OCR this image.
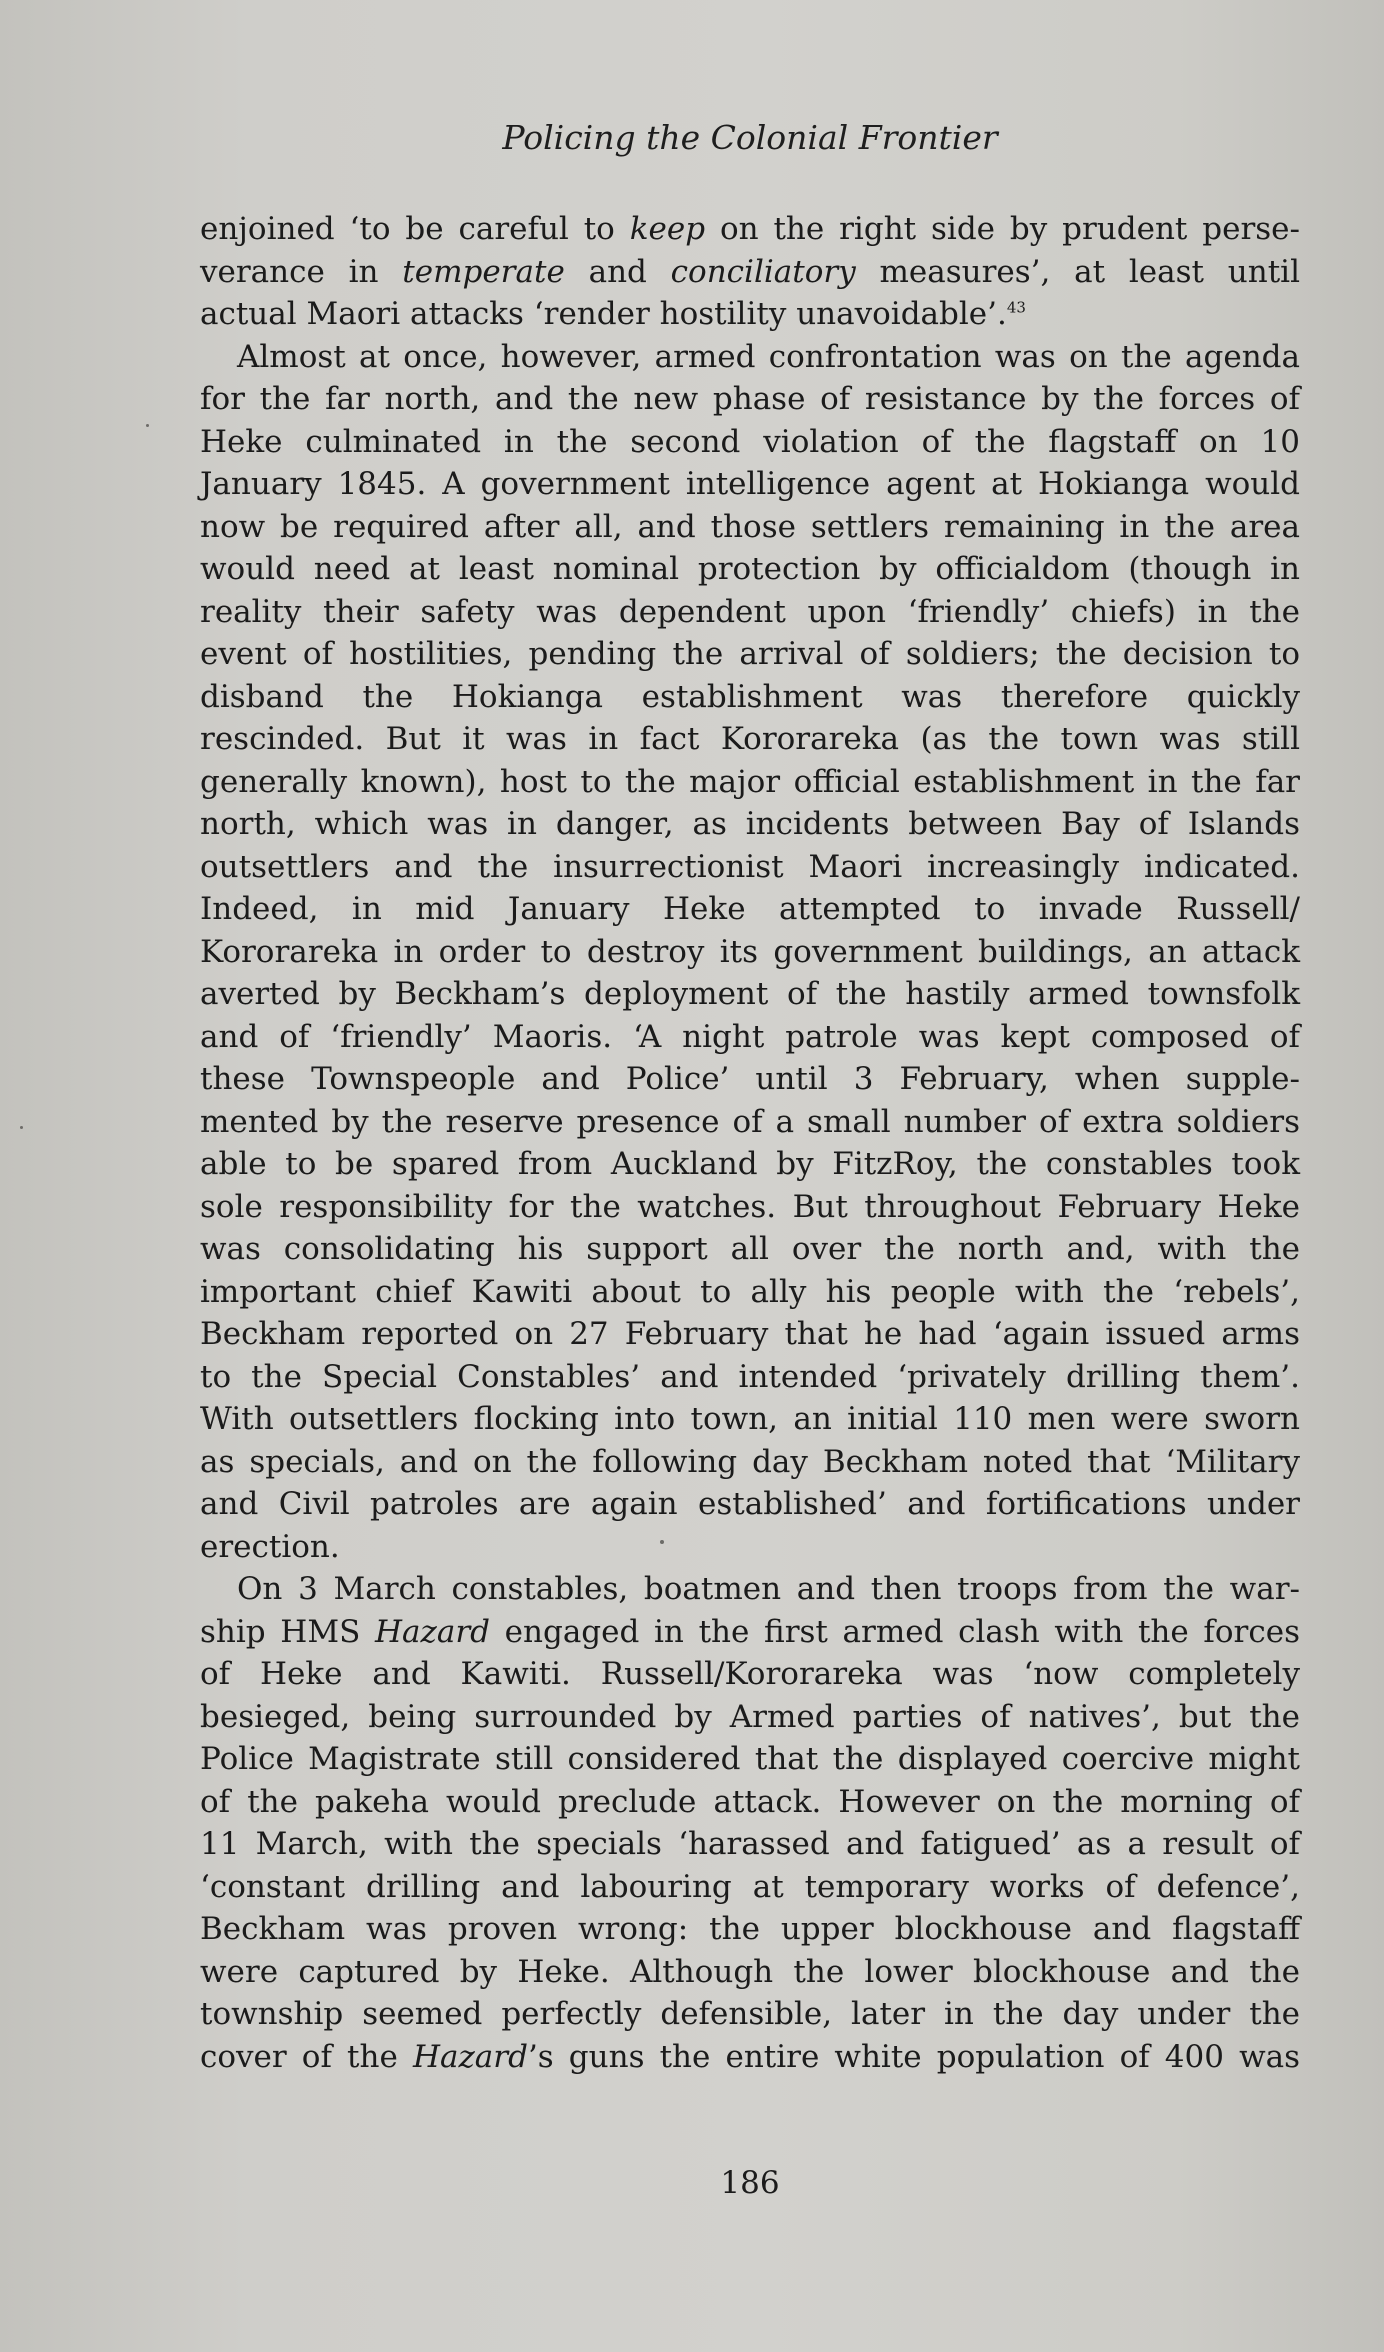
Policing the Colonial Frontier

enjoined ‘to be careful to keep on the right side by prudent perse-
verance in temperate and conciliatory measures’, at least until
actual Maori attacks ‘render hostility unavoidable’.$^{43}$

Almost at once, however, armed confrontation was on the agenda
for the far north, and the new phase of resistance by the forces of
Heke culminated in the second violation of the flagstaff on 10
January 1845. A government intelligence agent at Hokianga would
now be required after all, and those settlers remaining in the area
would need at least nominal protection by officialdom (though in
reality their safety was dependent upon ‘friendly’ chiefs) in the
event of hostilities, pending the arrival of soldiers; the decision to
disband the Hokianga establishment was therefore quickly
rescinded. But it was in fact Kororareka (as the town was still
generally known), host to the major official establishment in the far
north, which was in danger, as incidents between Bay of Islands
outsettlers and the insurrectionist Maori increasingly indicated.
Indeed, in mid January Heke attempted to invade Russell/
Kororareka in order to destroy its government buildings, an attack
averted by Beckham’s deployment of the hastily armed townsfolk
and of ‘friendly’ Maoris. ‘A night patrole was kept composed of
these Townspeople and Police’ until 3 February, when supple-
mented by the reserve presence of a small number of extra soldiers
able to be spared from Auckland by FitzRoy, the constables took
sole responsibility for the watches. But throughout February Heke
was consolidating his support all over the north and, with the
important chief Kawiti about to ally his people with the ‘rebels’,
Beckham reported on 27 February that he had ‘again issued arms
to the Special Constables’ and intended ‘privately drilling them’.
With outsettlers flocking into town, an initial 110 men were sworn
as specials, and on the following day Beckham noted that ‘Military
and Civil patroles are again established’ and fortifications under
erection.

On 3 March constables, boatmen and then troops from the war-
ship HMS Hazard engaged in the first armed clash with the forces
of Heke and Kawiti. Russell/Kororareka was ‘now completely
besieged, being surrounded by Armed parties of natives’, but the
Police Magistrate still considered that the displayed coercive might
of the pakeha would preclude attack. However on the morning of
11 March, with the specials ‘harassed and fatigued’ as a result of
‘constant drilling and labouring at temporary works of defence’,
Beckham was proven wrong: the upper blockhouse and flagstaff
were captured by Heke. Although the lower blockhouse and the
township seemed perfectly defensible, later in the day under the
cover of the Hazard’s guns the entire white population of 400 was

186
